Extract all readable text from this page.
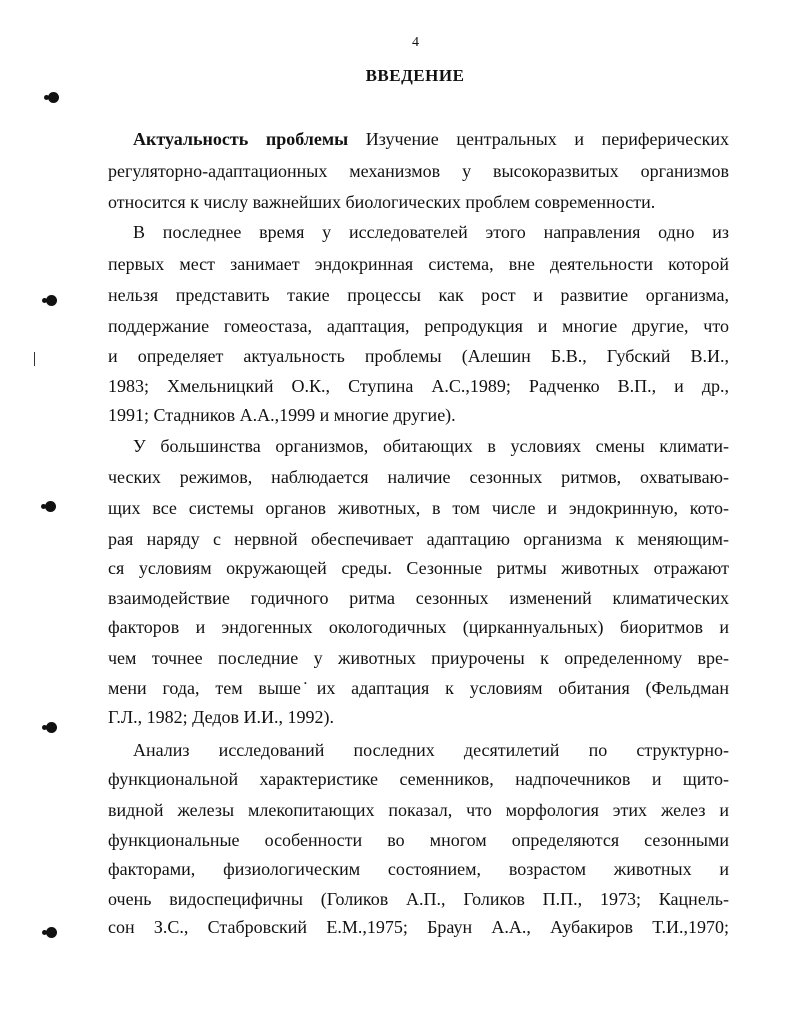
4
ВВЕДЕНИЕ
Актуальность проблемы Изучение центральных и периферических
регуляторно-адаптационных механизмов у высокоразвитых организмов
относится к числу важнейших биологических проблем современности.
В последнее время у исследователей этого направления одно из
первых мест занимает эндокринная система, вне деятельности которой
нельзя представить такие процессы как рост и развитие организма,
поддержание гомеостаза, адаптация, репродукция и многие другие, что
и определяет актуальность проблемы (Алешин Б.В., Губский В.И.,
1983; Хмельницкий О.К., Ступина А.С.,1989; Радченко В.П., и др.,
1991; Стадников А.А.,1999 и многие другие).
У большинства организмов, обитающих в условиях смены климати-
ческих режимов, наблюдается наличие сезонных ритмов, охватываю-
щих все системы органов животных, в том числе и эндокринную, кото-
рая наряду с нервной обеспечивает адаптацию организма к меняющим-
ся условиям окружающей среды. Сезонные ритмы животных отражают
взаимодействие годичного ритма сезонных изменений климатических
факторов и эндогенных окологодичных (цирканнуальных) биоритмов и
чем точнее последние у животных приурочены к определенному вре-
мени года, тем выше ̇их адаптация к условиям обитания (Фельдман
Г.Л., 1982; Дедов И.И., 1992).
Анализ исследований последних десятилетий по структурно-
функциональной характеристике семенников, надпочечников и щито-
видной железы млекопитающих показал, что морфология этих желез и
функциональные особенности во многом определяются сезонными
факторами, физиологическим состоянием, возрастом животных и
очень видоспецифичны (Голиков А.П., Голиков П.П., 1973; Кацнель-
сон З.С., Стабровский Е.М.,1975; Браун А.А., Аубакиров Т.И.,1970;
